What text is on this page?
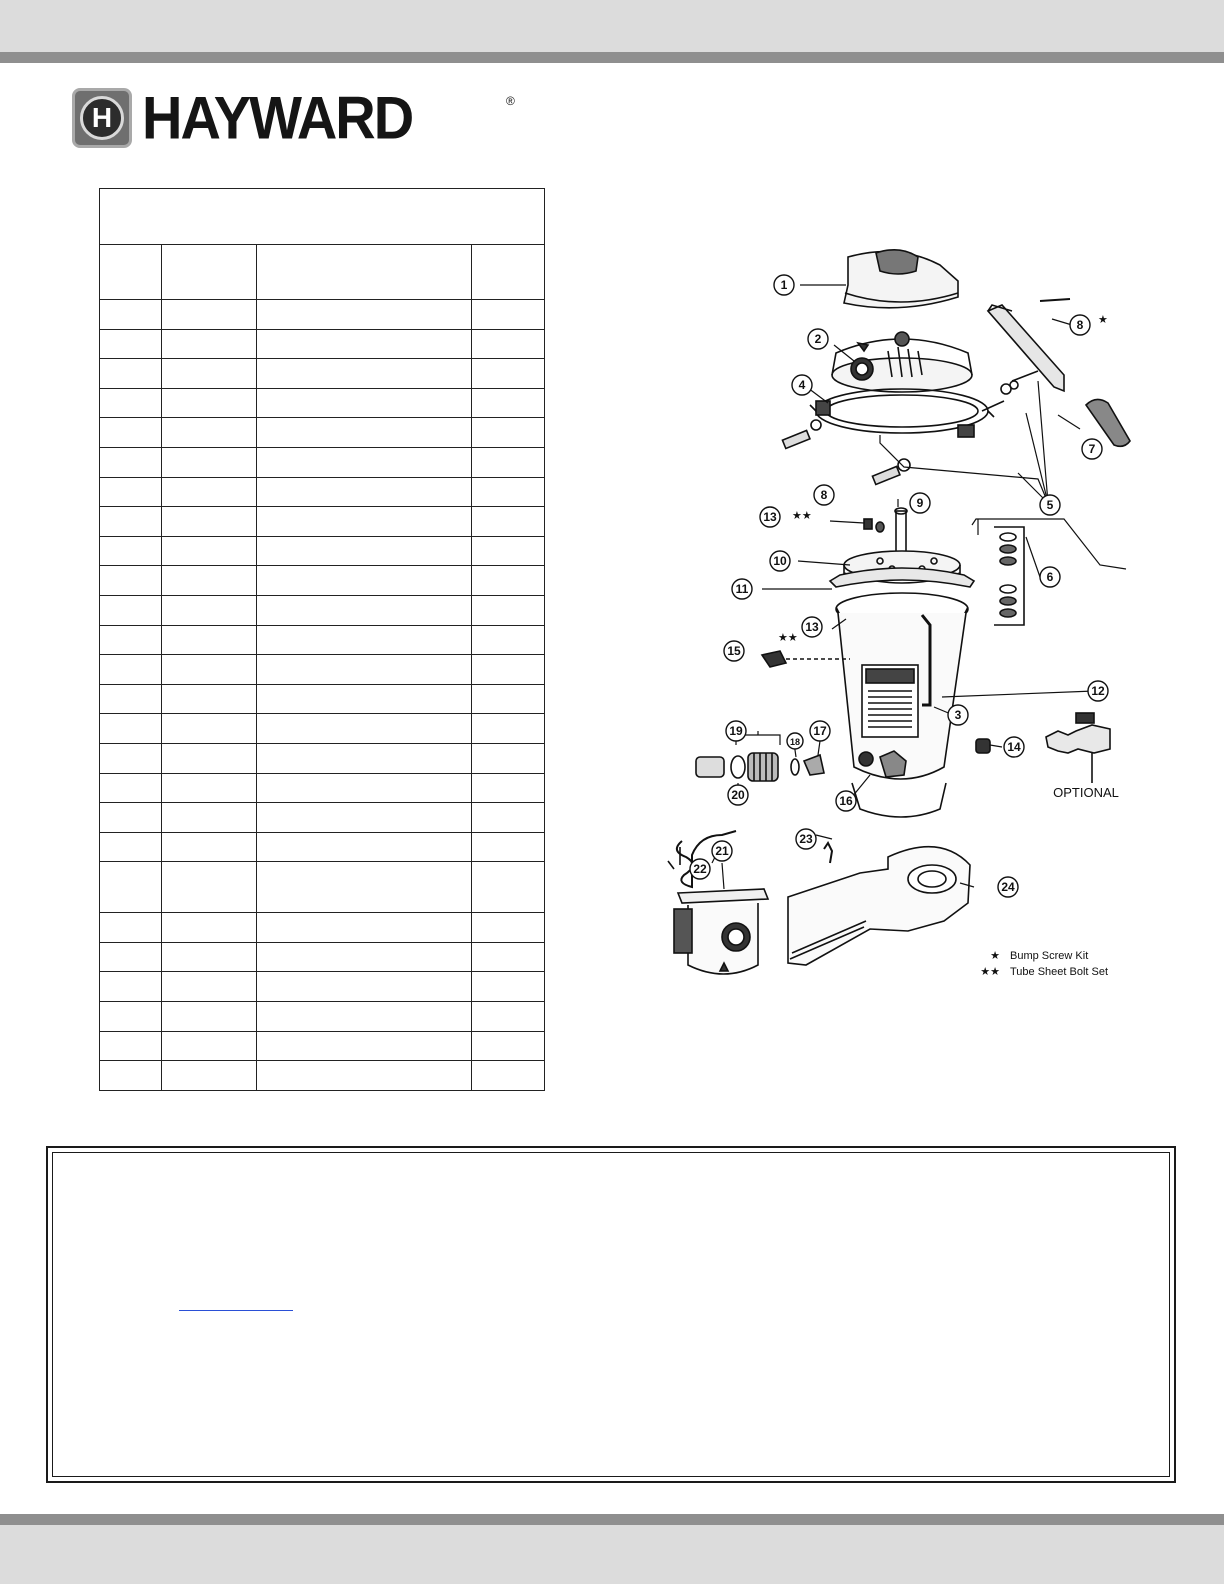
H HAYWARD	®

1
2
3
4
5
6
7
8
8
9
10
11
12
13
13
14
15
16
17
18
19
20
21
22
23
24
OPTIONAL
★
★★
★★
★ Bump Screw Kit
★★ Tube Sheet Bolt Set
